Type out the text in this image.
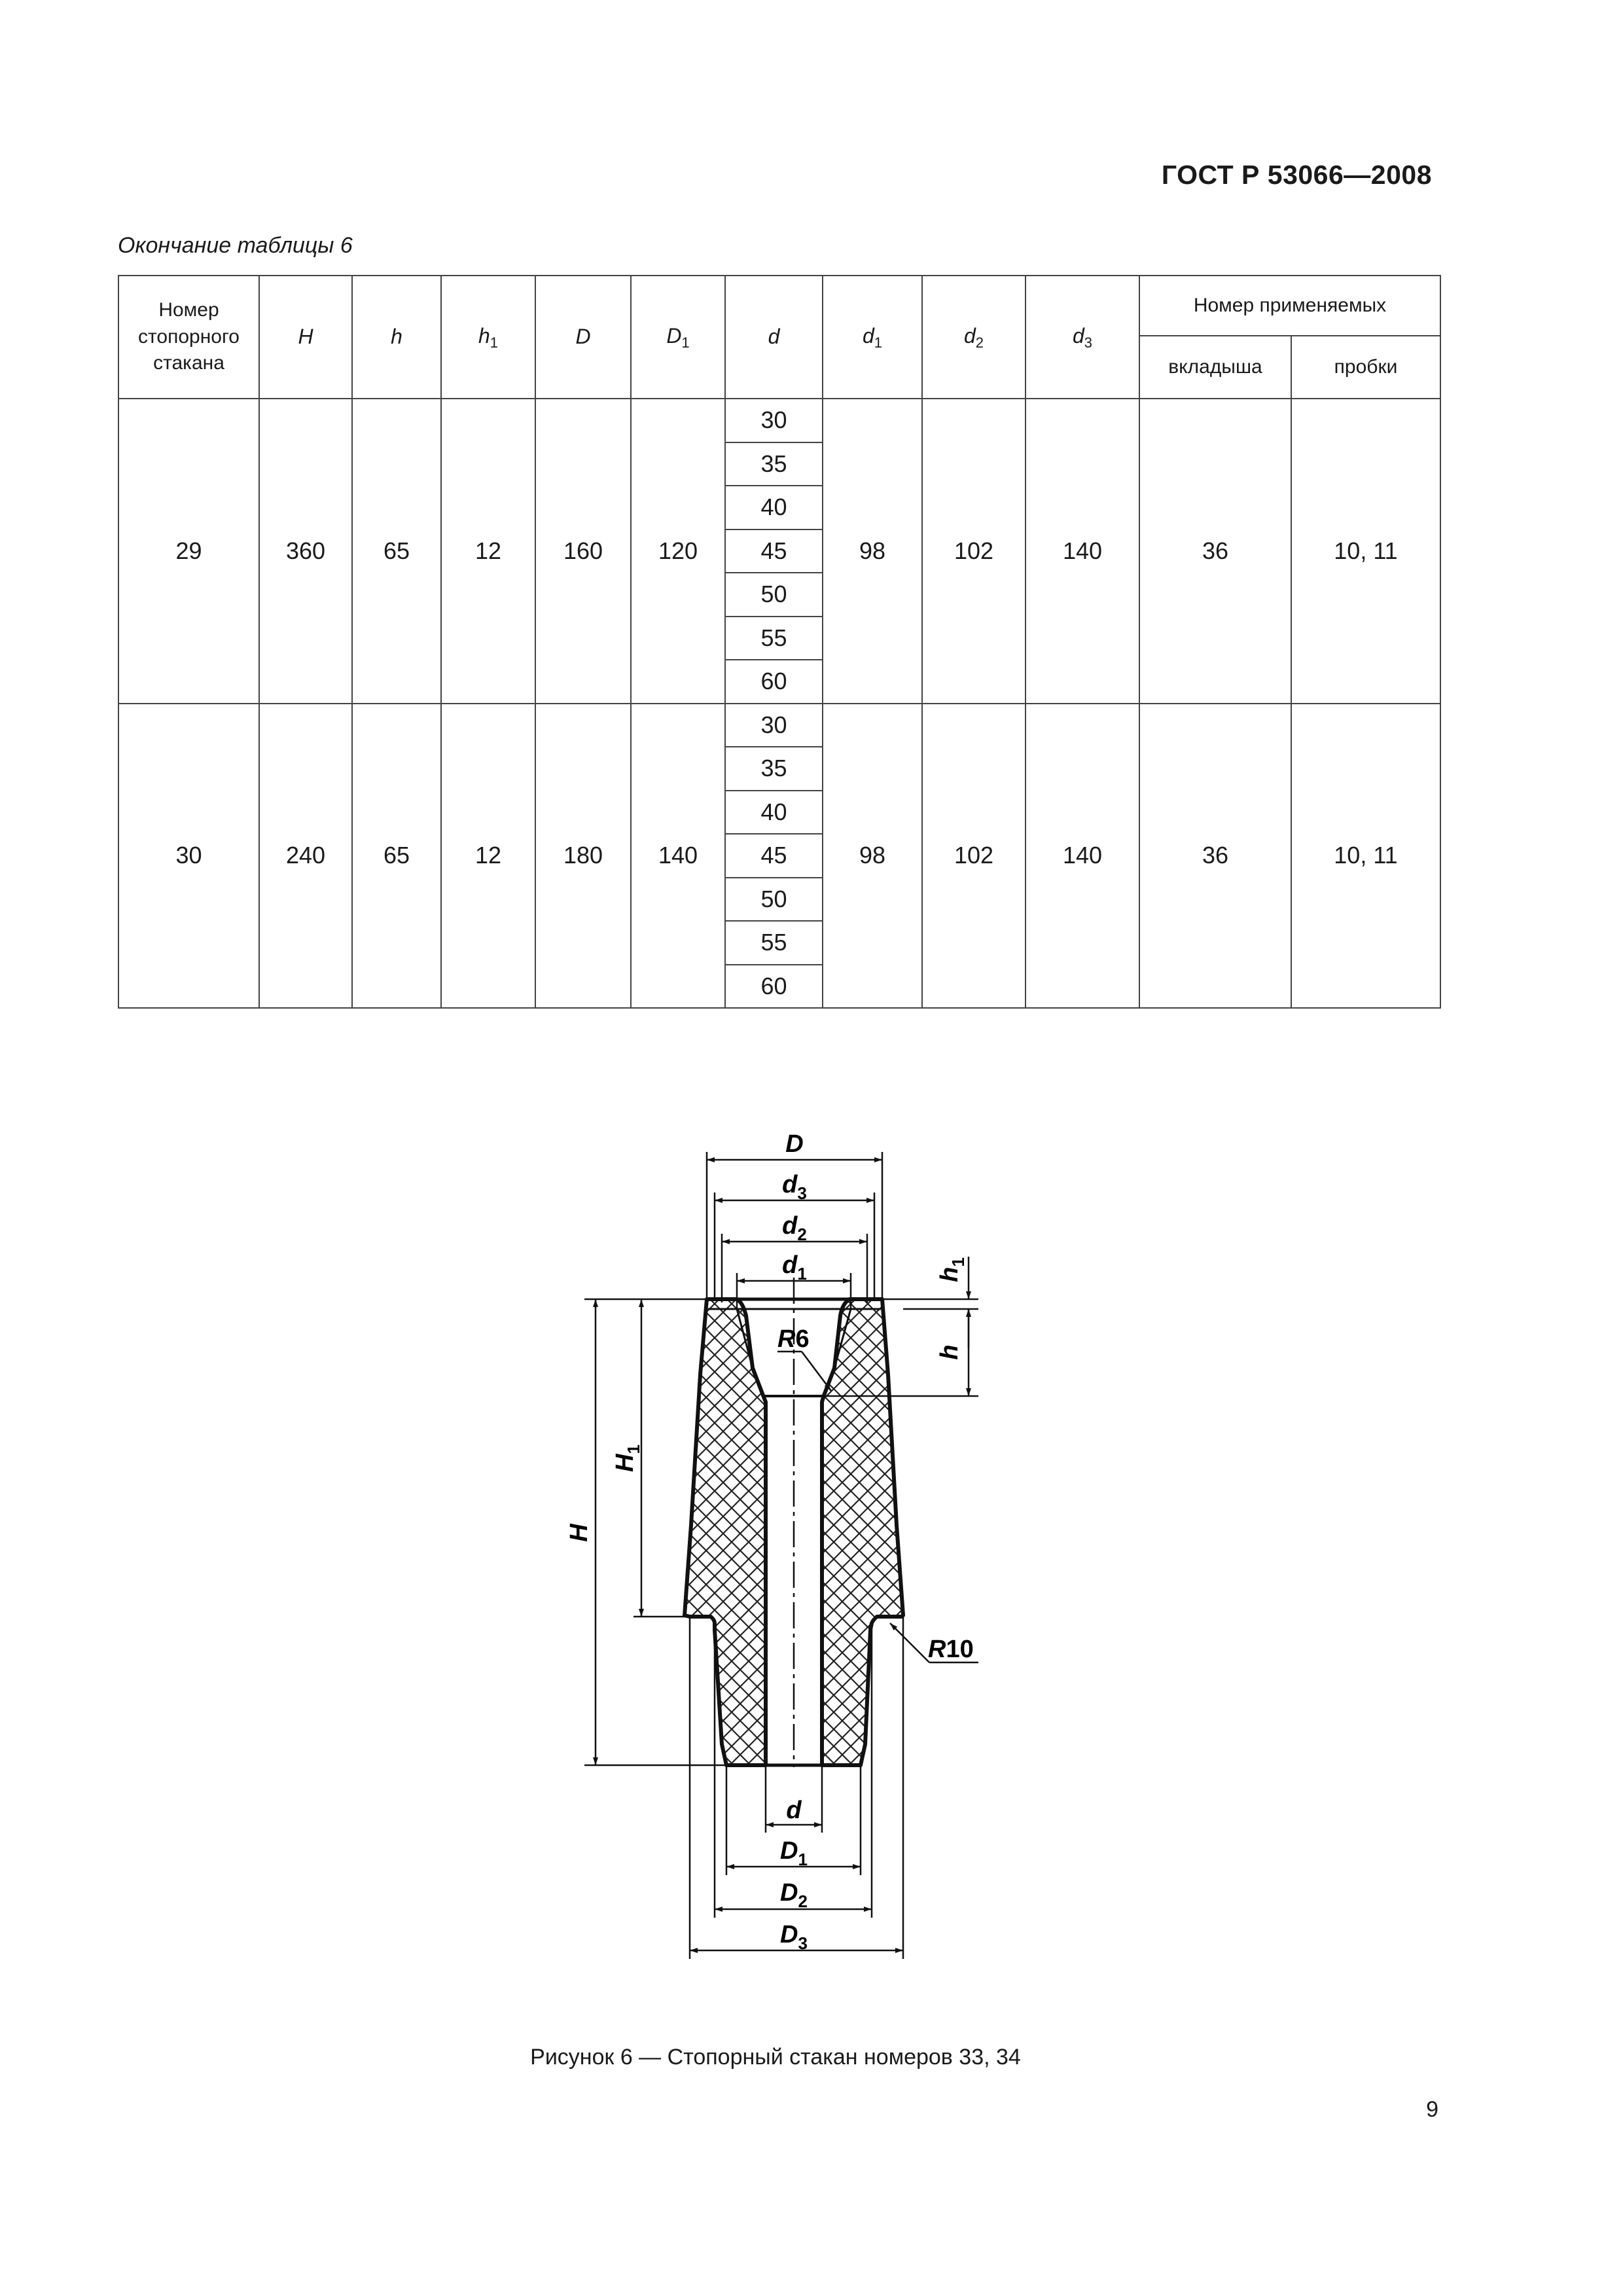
ГОСТ Р 53066—2008
Окончание таблицы 6
Номер
стопорного
стакана	H	h	$h_1$	D	$D_1$	d	$d_1$	$d_2$	$d_3$	Номер применяемых	
										вкладыша	пробки
29	360	65	12	160	120	30	98	102	140	36	10, 11
						35					
						40					
						45					
						50					
						55					
						60					
30	240	65	12	180	140	30	98	102	140	36	10, 11
						35					
						40					
						45					
						50					
						55					
						60					
D
$d_3$
$d_2$
$d_1$	$h_1$
h
R6
H
$H_1$
R10
d
$D_1$
$D_2$
$D_3$
Рисунок 6 — Стопорный стакан номеров 33, 34
9
